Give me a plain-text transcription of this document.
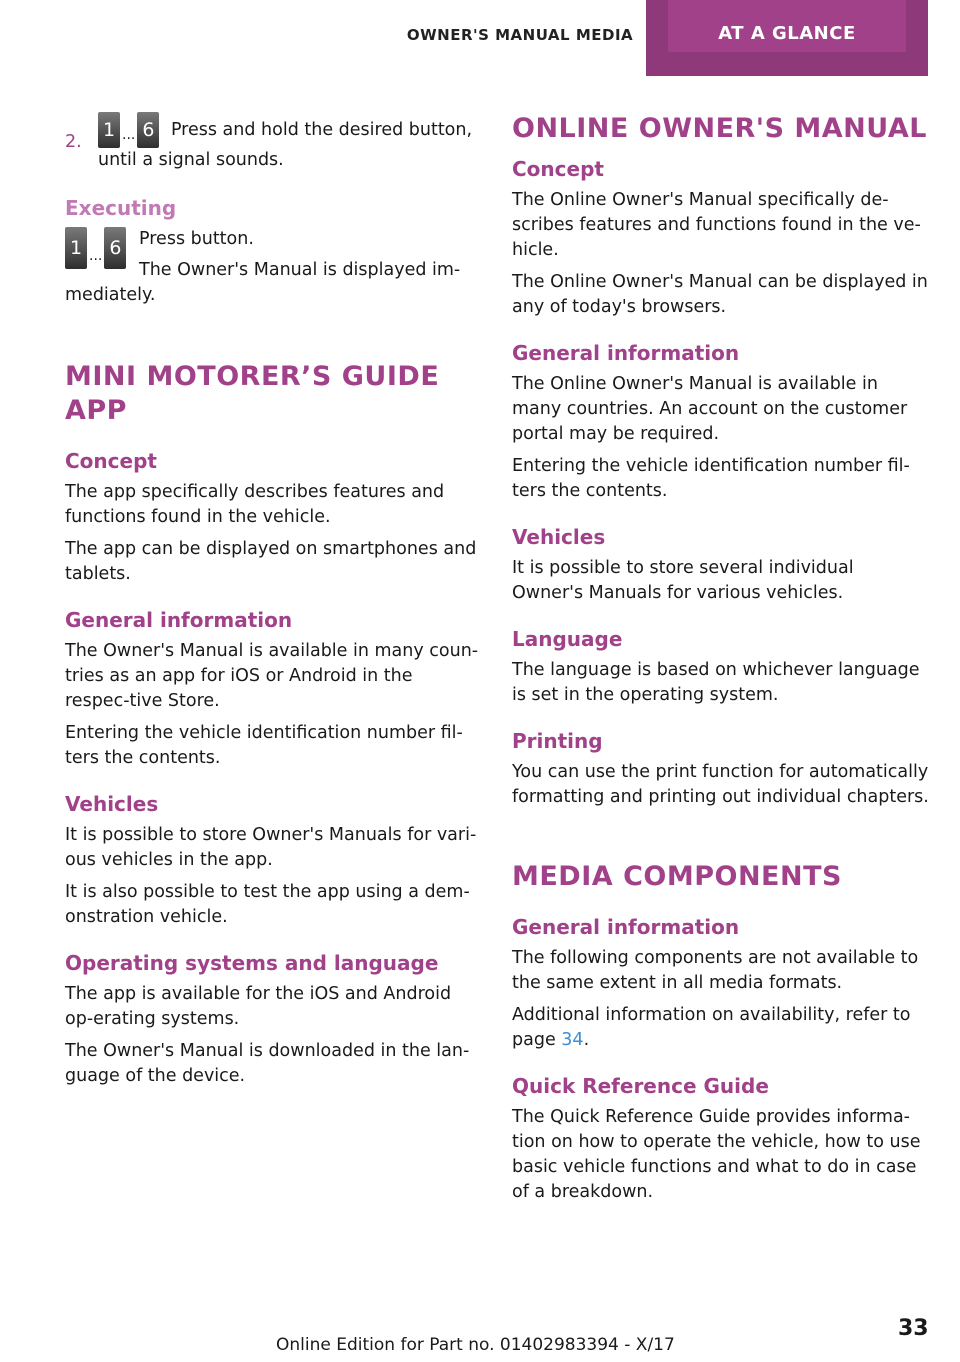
OWNER'S MANUAL MEDIA	AT A GLANCE
2.
1 ... 6 Press and hold the desired button,
until a signal sounds.
Executing
1 ... 6 Press button.

The Owner's Manual is displayed im-

mediately.

MINI MOTORER’S GUIDE APP
Concept

The app specifically describes features and functions found in the vehicle.

The app can be displayed on smartphones and tablets.

General information

The Owner's Manual is available in many coun-tries as an app for iOS or Android in the respec-tive Store.

Entering the vehicle identification number fil-ters the contents.

Vehicles

It is possible to store Owner's Manuals for vari-ous vehicles in the app.

It is also possible to test the app using a dem-onstration vehicle.

Operating systems and language

The app is available for the iOS and Android op-erating systems.

The Owner's Manual is downloaded in the lan-guage of the device.

ONLINE OWNER'S MANUAL
Concept

The Online Owner's Manual specifically de-scribes features and functions found in the ve-hicle.

The Online Owner's Manual can be displayed in any of today's browsers.

General information

The Online Owner's Manual is available in many countries. An account on the customer portal may be required.

Entering the vehicle identification number fil-ters the contents.

Vehicles

It is possible to store several individual Owner's Manuals for various vehicles.

Language

The language is based on whichever language is set in the operating system.

Printing

You can use the print function for automatically formatting and printing out individual chapters.

MEDIA COMPONENTS
General information

The following components are not available to the same extent in all media formats.

Additional information on availability, refer to page 34.

Quick Reference Guide

The Quick Reference Guide provides informa-tion on how to operate the vehicle, how to use basic vehicle functions and what to do in case of a breakdown.

Online Edition for Part no. 01402983394 - X/17
33
